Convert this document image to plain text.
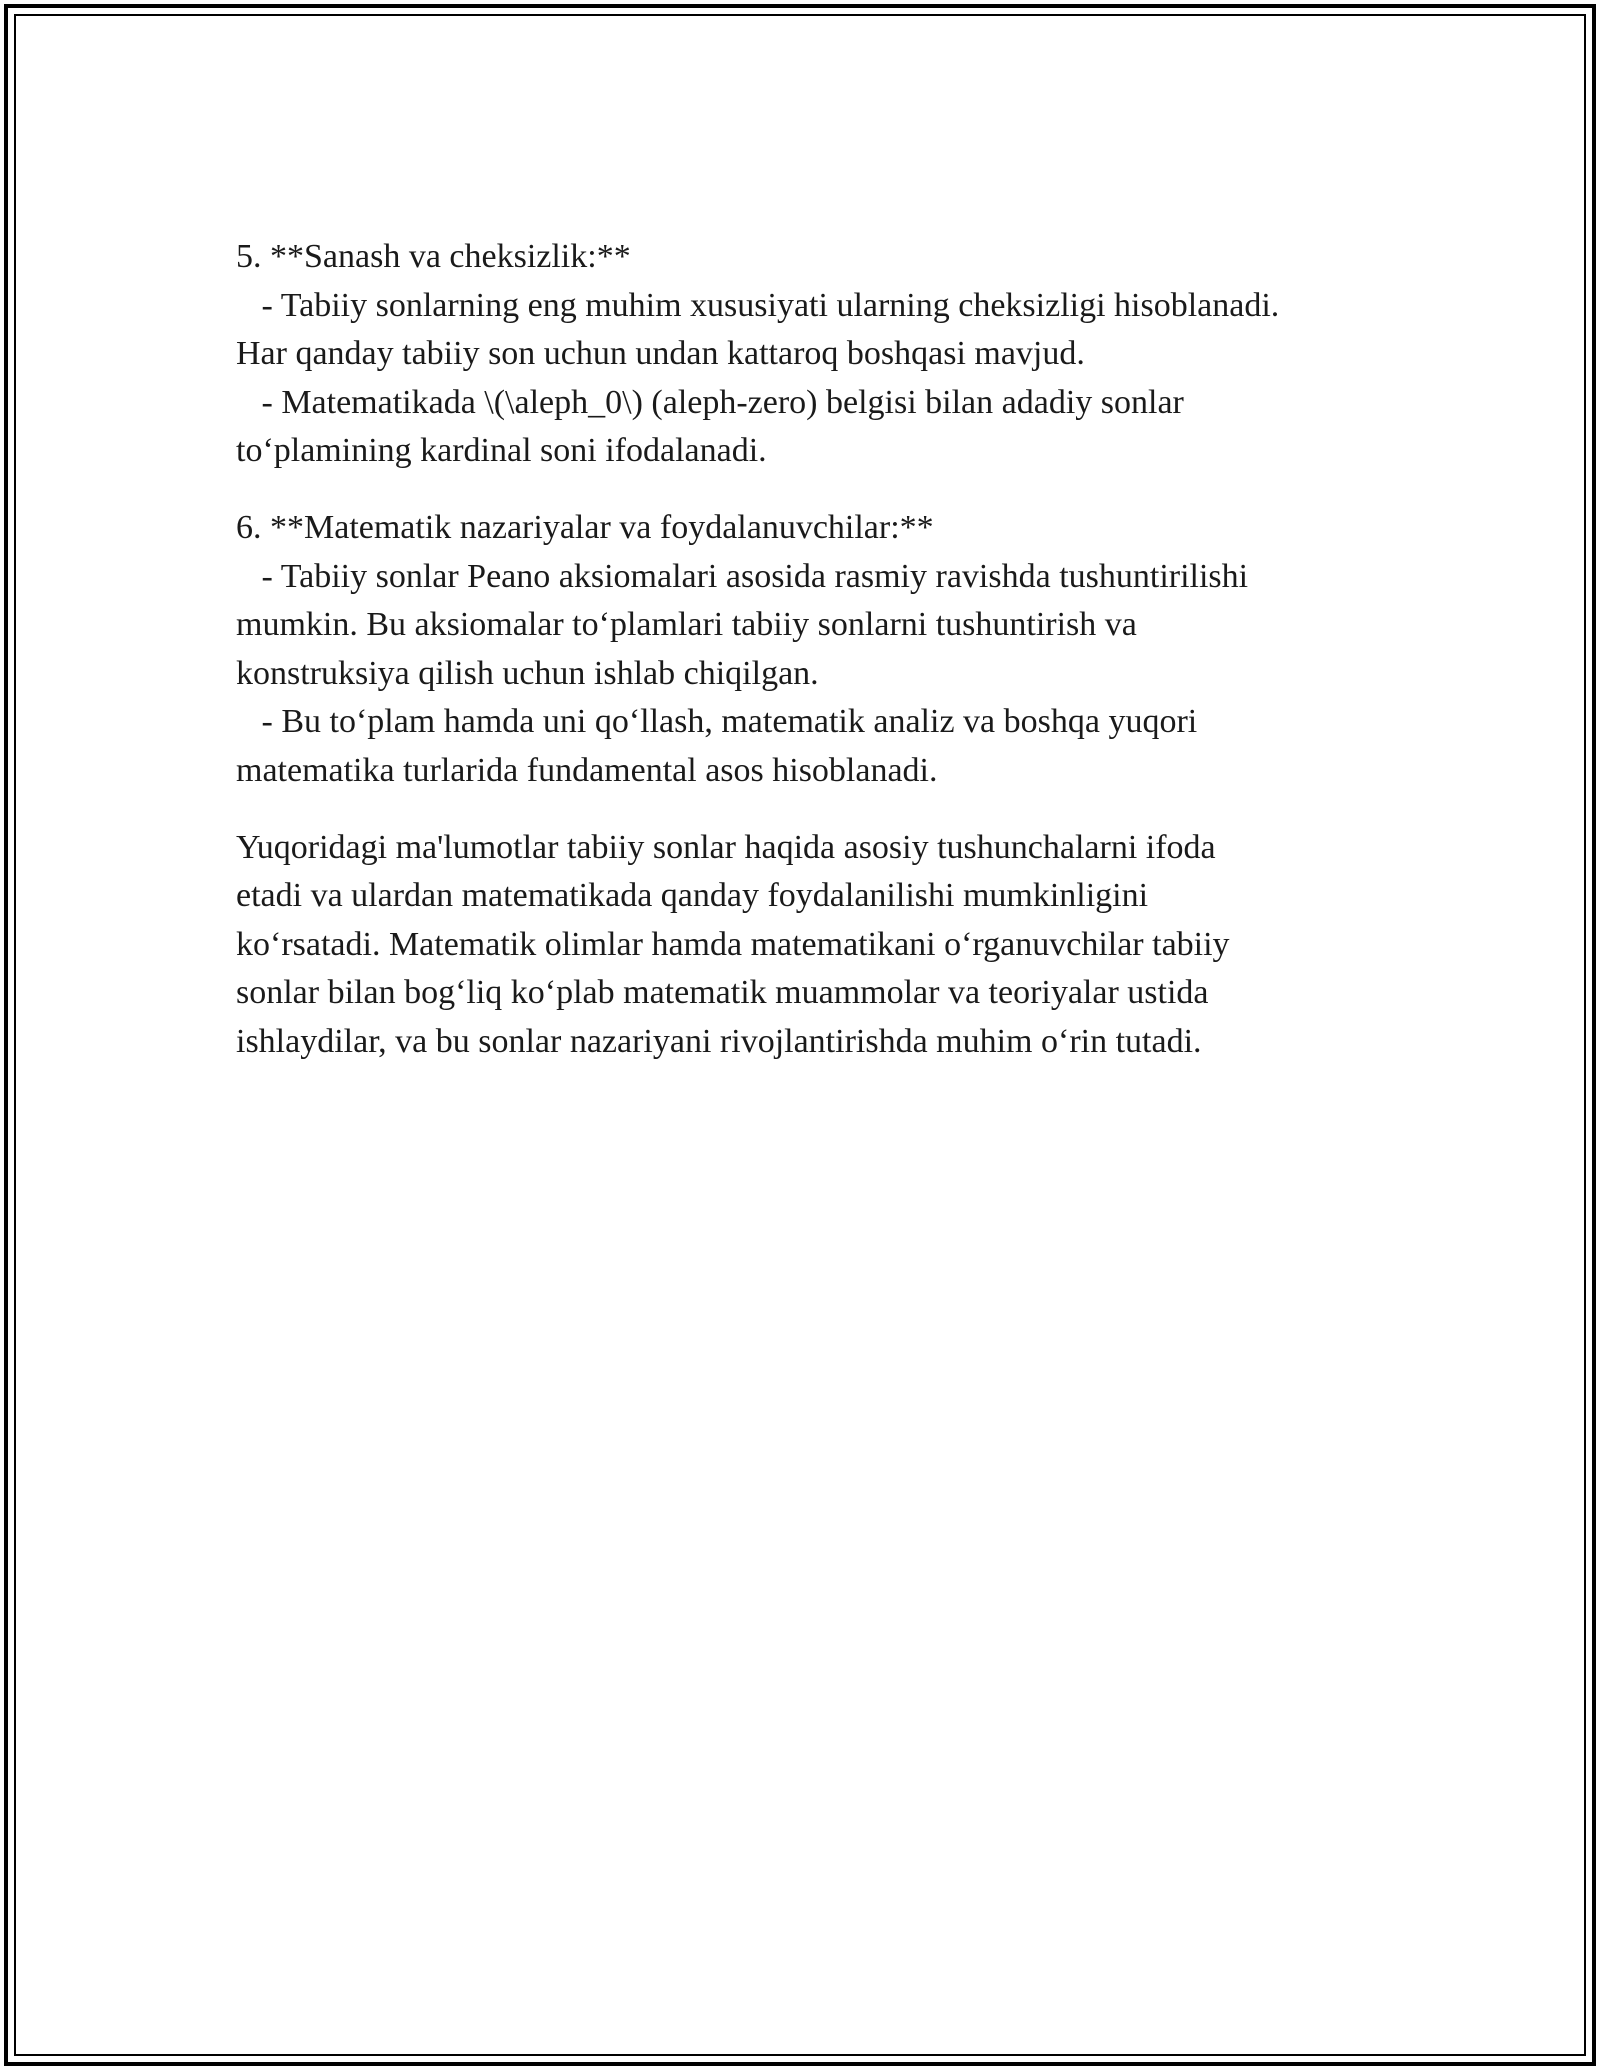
5. **Sanash va cheksizlik:**
- Tabiiy sonlarning eng muhim xususiyati ularning cheksizligi hisoblanadi.
Har qanday tabiiy son uchun undan kattaroq boshqasi mavjud.
- Matematikada \(\aleph_0\) (aleph-zero) belgisi bilan adadiy sonlar
to‘plamining kardinal soni ifodalanadi.
6. **Matematik nazariyalar va foydalanuvchilar:**
- Tabiiy sonlar Peano aksiomalari asosida rasmiy ravishda tushuntirilishi
mumkin. Bu aksiomalar to‘plamlari tabiiy sonlarni tushuntirish va
konstruksiya qilish uchun ishlab chiqilgan.
- Bu to‘plam hamda uni qo‘llash, matematik analiz va boshqa yuqori
matematika turlarida fundamental asos hisoblanadi.
Yuqoridagi ma'lumotlar tabiiy sonlar haqida asosiy tushunchalarni ifoda
etadi va ulardan matematikada qanday foydalanilishi mumkinligini
ko‘rsatadi. Matematik olimlar hamda matematikani o‘rganuvchilar tabiiy
sonlar bilan bog‘liq ko‘plab matematik muammolar va teoriyalar ustida
ishlaydilar, va bu sonlar nazariyani rivojlantirishda muhim o‘rin tutadi.
